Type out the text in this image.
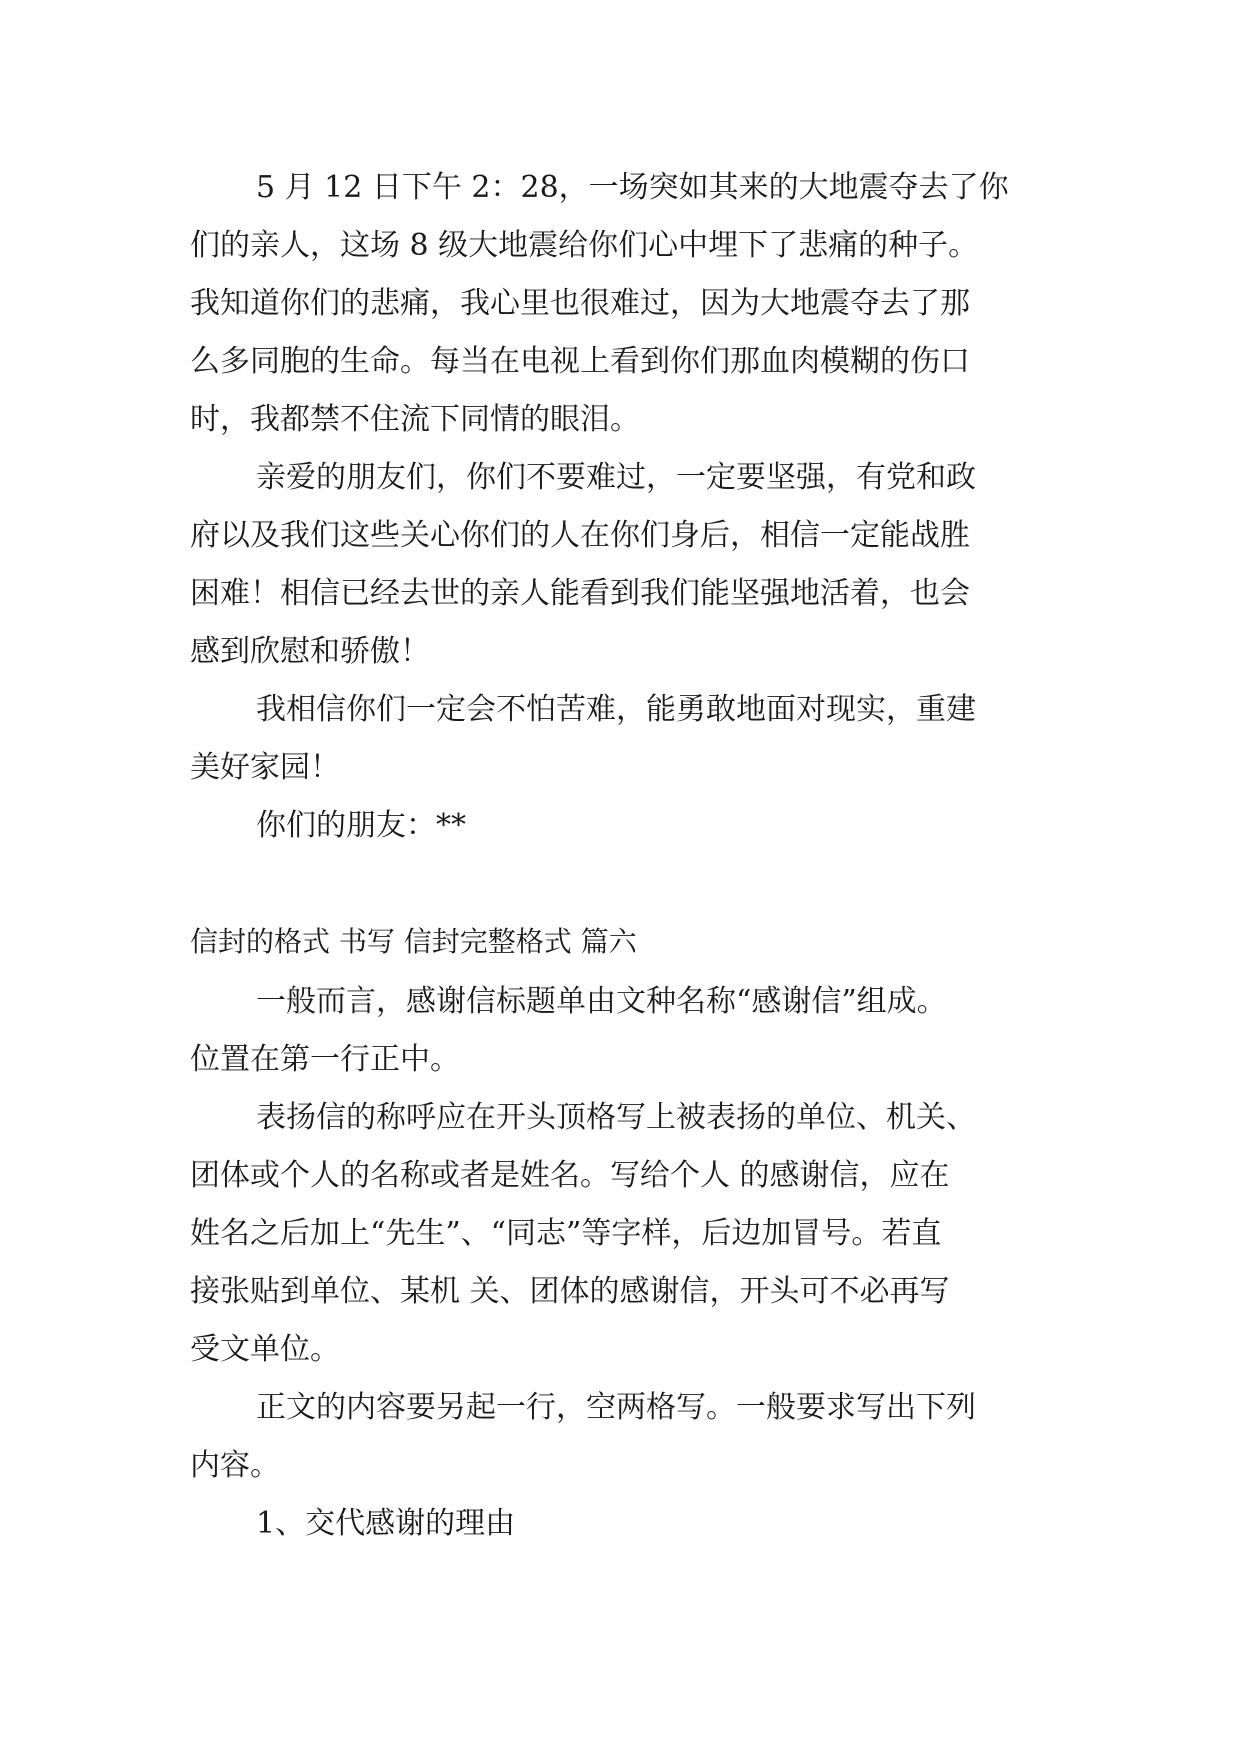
5 月 12 日下午 2：28，一场突如其来的大地震夺去了你

们的亲人，这场 8 级大地震给你们心中埋下了悲痛的种子。

我知道你们的悲痛，我心里也很难过，因为大地震夺去了那

么多同胞的生命。每当在电视上看到你们那血肉模糊的伤口

时，我都禁不住流下同情的眼泪。

亲爱的朋友们，你们不要难过，一定要坚强，有党和政

府以及我们这些关心你们的人在你们身后，相信一定能战胜

困难！相信已经去世的亲人能看到我们能坚强地活着，也会

感到欣慰和骄傲！

我相信你们一定会不怕苦难，能勇敢地面对现实，重建

美好家园！

你们的朋友：**

信封的格式 书写 信封完整格式 篇六

一般而言，感谢信标题单由文种名称“感谢信”组成。

位置在第一行正中。

表扬信的称呼应在开头顶格写上被表扬的单位、机关、

团体或个人的名称或者是姓名。写给个人 的感谢信，应在

姓名之后加上“先生”、“同志”等字样，后边加冒号。若直

接张贴到单位、某机 关、团体的感谢信，开头可不必再写

受文单位。

正文的内容要另起一行，空两格写。一般要求写出下列

内容。

1、交代感谢的理由
